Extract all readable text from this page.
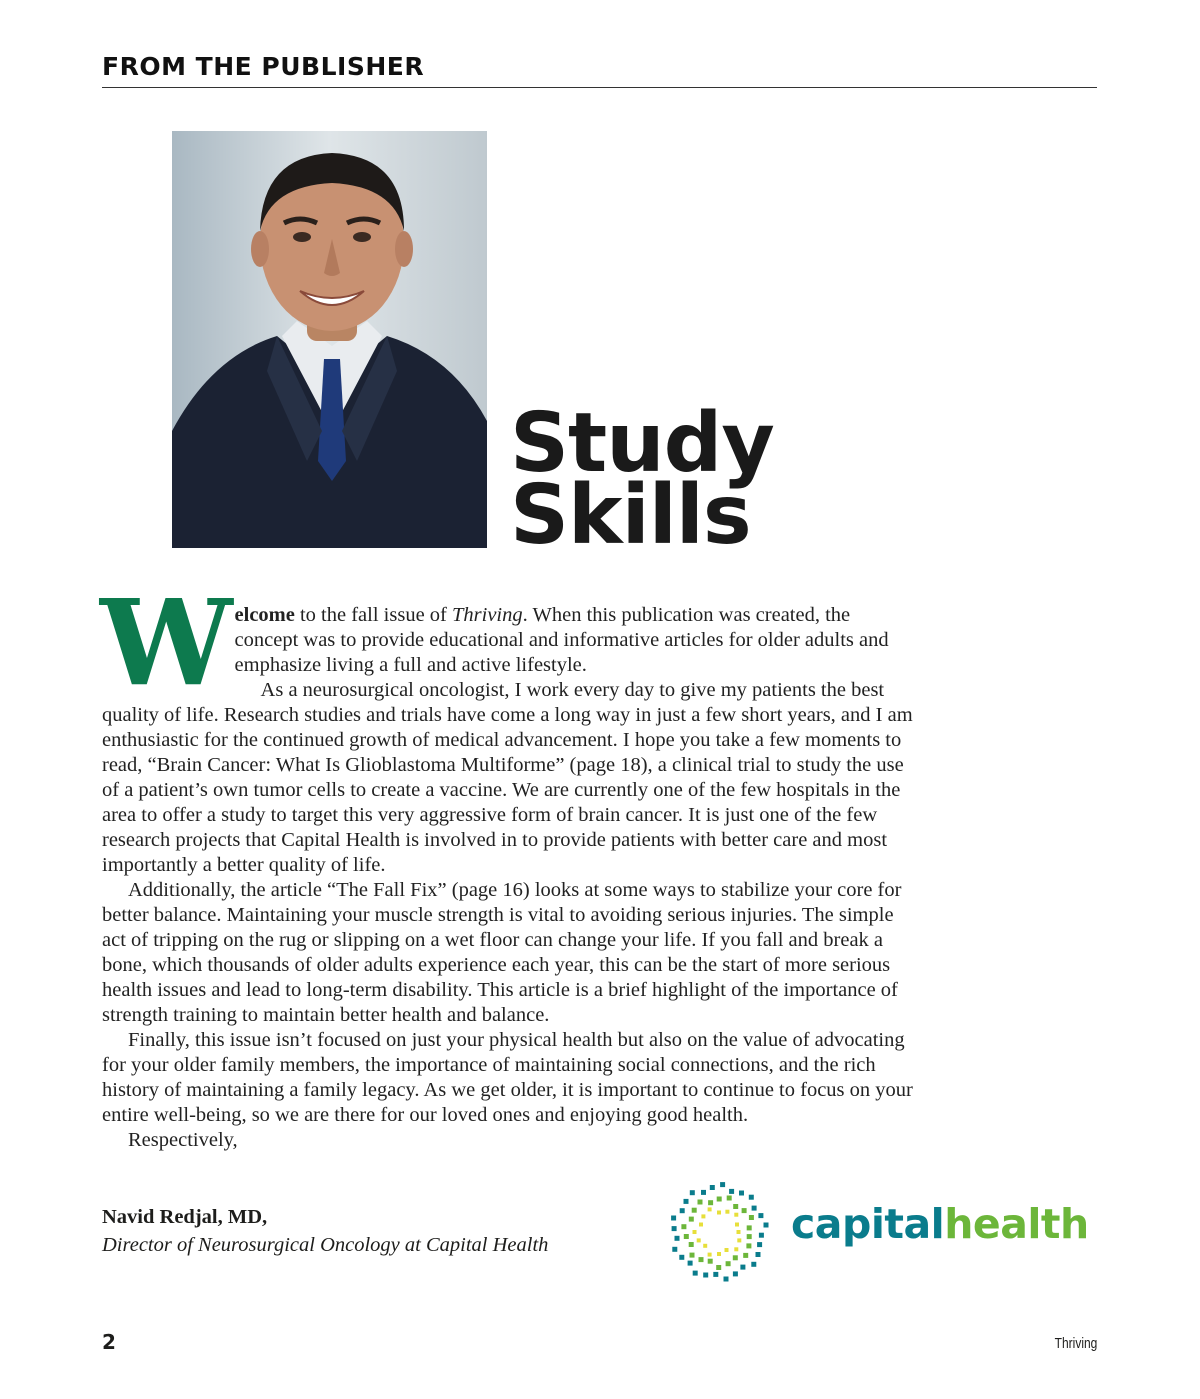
FROM THE PUBLISHER
Study
Skills
W elcome to the fall issue of Thriving. When this publication was created, the concept was to provide educational and informative articles for older adults and emphasize living a full and active lifestyle.

As a neurosurgical oncologist, I work every day to give my patients the best quality of life. Research studies and trials have come a long way in just a few short years, and I am enthusiastic for the continued growth of medical advancement. I hope you take a few moments to read, “Brain Cancer: What Is Glioblastoma Multiforme” (page 18), a clinical trial to study the use of a patient’s own tumor cells to create a vaccine. We are currently one of the few hospitals in the area to offer a study to target this very aggressive form of brain cancer. It is just one of the few research projects that Capital Health is involved in to provide patients with better care and most importantly a better quality of life.

Additionally, the article “The Fall Fix” (page 16) looks at some ways to stabilize your core for better balance. Maintaining your muscle strength is vital to avoiding serious injuries. The simple act of tripping on the rug or slipping on a wet floor can change your life. If you fall and break a bone, which thousands of older adults experience each year, this can be the start of more serious health issues and lead to long-term disability. This article is a brief highlight of the importance of strength training to maintain better health and balance.

Finally, this issue isn’t focused on just your physical health but also on the value of advocating for your older family members, the importance of maintaining social connections, and the rich history of maintaining a family legacy. As we get older, it is important to continue to focus on your entire well-being, so we are there for our loved ones and enjoying good health.

Respectively,

Navid Redjal, MD,
Director of Neurosurgical Oncology at Capital Health	capitalhealth
2	Thriving
